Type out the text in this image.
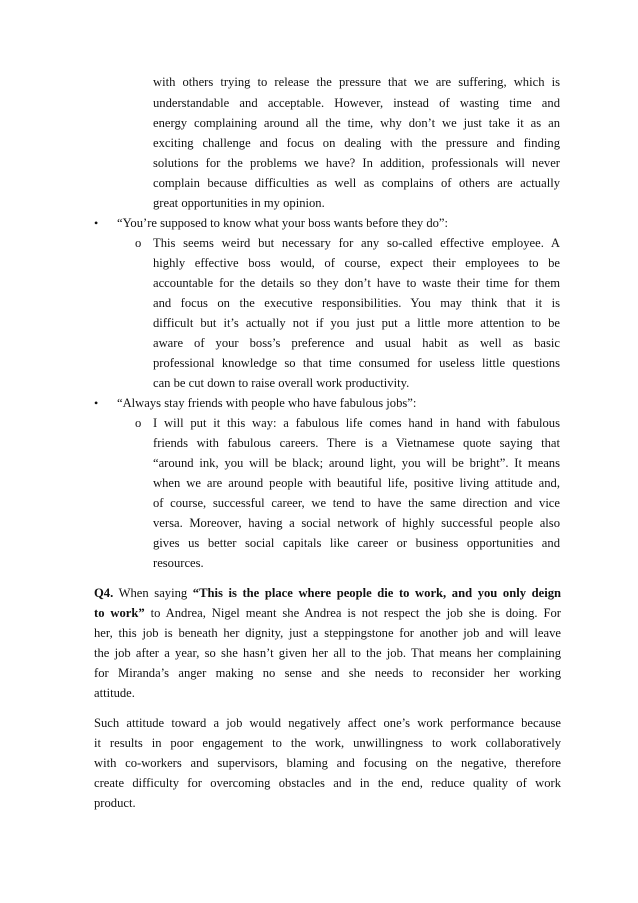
with others trying to release the pressure that we are suffering, which is
understandable and acceptable. However, instead of wasting time and
energy complaining around all the time, why don’t we just take it as an
exciting challenge and focus on dealing with the pressure and finding
solutions for the problems we have? In addition, professionals will never
complain because difficulties as well as complains of others are actually
great opportunities in my opinion.
• “You’re supposed to know what your boss wants before they do”:
o This seems weird but necessary for any so-called effective employee. A
highly effective boss would, of course, expect their employees to be
accountable for the details so they don’t have to waste their time for them
and focus on the executive responsibilities. You may think that it is
difficult but it’s actually not if you just put a little more attention to be
aware of your boss’s preference and usual habit as well as basic
professional knowledge so that time consumed for useless little questions
can be cut down to raise overall work productivity.
• “Always stay friends with people who have fabulous jobs”:
o I will put it this way: a fabulous life comes hand in hand with fabulous
friends with fabulous careers. There is a Vietnamese quote saying that
“around ink, you will be black; around light, you will be bright”. It means
when we are around people with beautiful life, positive living attitude and,
of course, successful career, we tend to have the same direction and vice
versa. Moreover, having a social network of highly successful people also
gives us better social capitals like career or business opportunities and
resources.
Q4. When saying “This is the place where people die to work, and you only deign
to work” to Andrea, Nigel meant she Andrea is not respect the job she is doing. For
her, this job is beneath her dignity, just a steppingstone for another job and will leave
the job after a year, so she hasn’t given her all to the job. That means her complaining
for Miranda’s anger making no sense and she needs to reconsider her working
attitude.
Such attitude toward a job would negatively affect one’s work performance because
it results in poor engagement to the work, unwillingness to work collaboratively
with co-workers and supervisors, blaming and focusing on the negative, therefore
create difficulty for overcoming obstacles and in the end, reduce quality of work
product.
